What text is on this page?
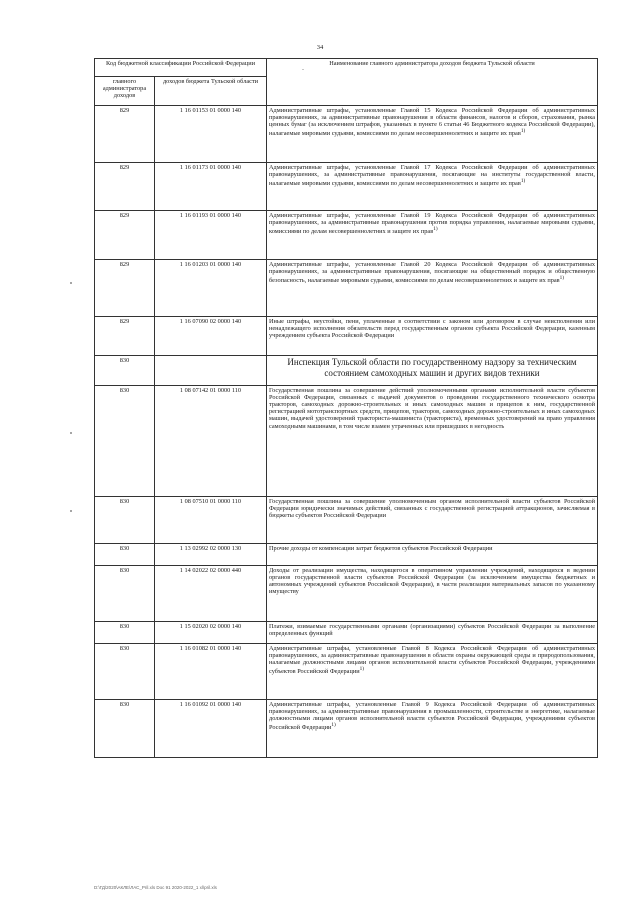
34
-
Код бюджетной классификации Российской Федерации		Наименование главного администратора доходов бюджета Тульской области
главного администратора доходов	доходов бюджета Тульской области	
829	1 16 01153 01 0000 140	Административные штрафы, установленные Главой 15 Кодекса Российской Федерации об административных правонарушениях, за административные правонарушения в области финансов, налогов и сборов, страхования, рынка ценных бумаг (за исключением штрафов, указанных в пункте 6 статьи 46 Бюджетного кодекса Российской Федерации), налагаемые мировыми судьями, комиссиями по делам несовершеннолетних и защите их прав$^{1)}$
829	1 16 01173 01 0000 140	Административные штрафы, установленные Главой 17 Кодекса Российской Федерации об административных правонарушениях, за административные правонарушения, посягающие на институты государственной власти, налагаемые мировыми судьями, комиссиями по делам несовершеннолетних и защите их прав$^{1)}$
829	1 16 01193 01 0000 140	Административные штрафы, установленные Главой 19 Кодекса Российской Федерации об административных правонарушениях, за административные правонарушения против порядка управления, налагаемые мировыми судьями, комиссиями по делам несовершеннолетних и защите их прав$^{1)}$
829	1 16 01203 01 0000 140	Административные штрафы, установленные Главой 20 Кодекса Российской Федерации об административных правонарушениях, за административные правонарушения, посягающие на общественный порядок и общественную безопасность, налагаемые мировыми судьями, комиссиями по делам несовершеннолетних и защите их прав$^{1)}$
829	1 16 07090 02 0000 140	Иные штрафы, неустойки, пени, уплаченные в соответствии с законом или договором в случае неисполнения или ненадлежащего исполнения обязательств перед государственным органом субъекта Российской Федерации, казенным учреждением субъекта Российской Федерации
830		Инспекция Тульской области по государственному надзору за техническим состоянием самоходных машин и других видов техники
830	1 08 07142 01 0000 110	Государственная пошлина за совершение действий уполномоченными органами исполнительной власти субъектов Российской Федерации, связанных с выдачей документов о проведении государственного технического осмотра тракторов, самоходных дорожно-строительных и иных самоходных машин и прицепов к ним, государственной регистрацией мототранспортных средств, прицепов, тракторов, самоходных дорожно-строительных и иных самоходных машин, выдачей удостоверений тракториста-машиниста (тракториста), временных удостоверений на право управления самоходными машинами, в том числе взамен утраченных или пришедших в негодность
830	1 08 07510 01 0000 110	Государственная пошлина за совершение уполномоченным органом исполнительной власти субъектов Российской Федерации юридически значимых действий, связанных с государственной регистрацией аттракционов, зачисляемая в бюджеты субъектов Российской Федерации
830	1 13 02992 02 0000 130	Прочие доходы от компенсации затрат бюджетов субъектов Российской Федерации
830	1 14 02022 02 0000 440	Доходы от реализации имущества, находящегося в оперативном управлении учреждений, находящихся в ведении органов государственной власти субъектов Российской Федерации (за исключением имущества бюджетных и автономных учреждений субъектов Российской Федерации), в части реализации материальных запасов по указанному имуществу
830	1 15 02020 02 0000 140	Платежи, взимаемые государственными органами (организациями) субъектов Российской Федерации за выполнение определенных функций
830	1 16 01082 01 0000 140	Административные штрафы, установленные Главой 8 Кодекса Российской Федерации об административных правонарушениях, за административные правонарушения в области охраны окружающей среды и природопользования, налагаемые должностными лицами органов исполнительной власти субъектов Российской Федерации, учреждениями субъектов Российской Федерации$^{1)}$
830	1 16 01092 01 0000 140	Административные штрафы, установленные Главой 9 Кодекса Российской Федерации об административных правонарушениях, за административные правонарушения в промышленности, строительстве и энергетике, налагаемые должностными лицами органов исполнительной власти субъектов Российской Федерации, учреждениями субъектов Российской Федерации$^{1)}$
D:\ГД\2020\АКЛЕ\ЛАС_Pril.xls Doc 91 2020-2022_1 xl\pril.xls
